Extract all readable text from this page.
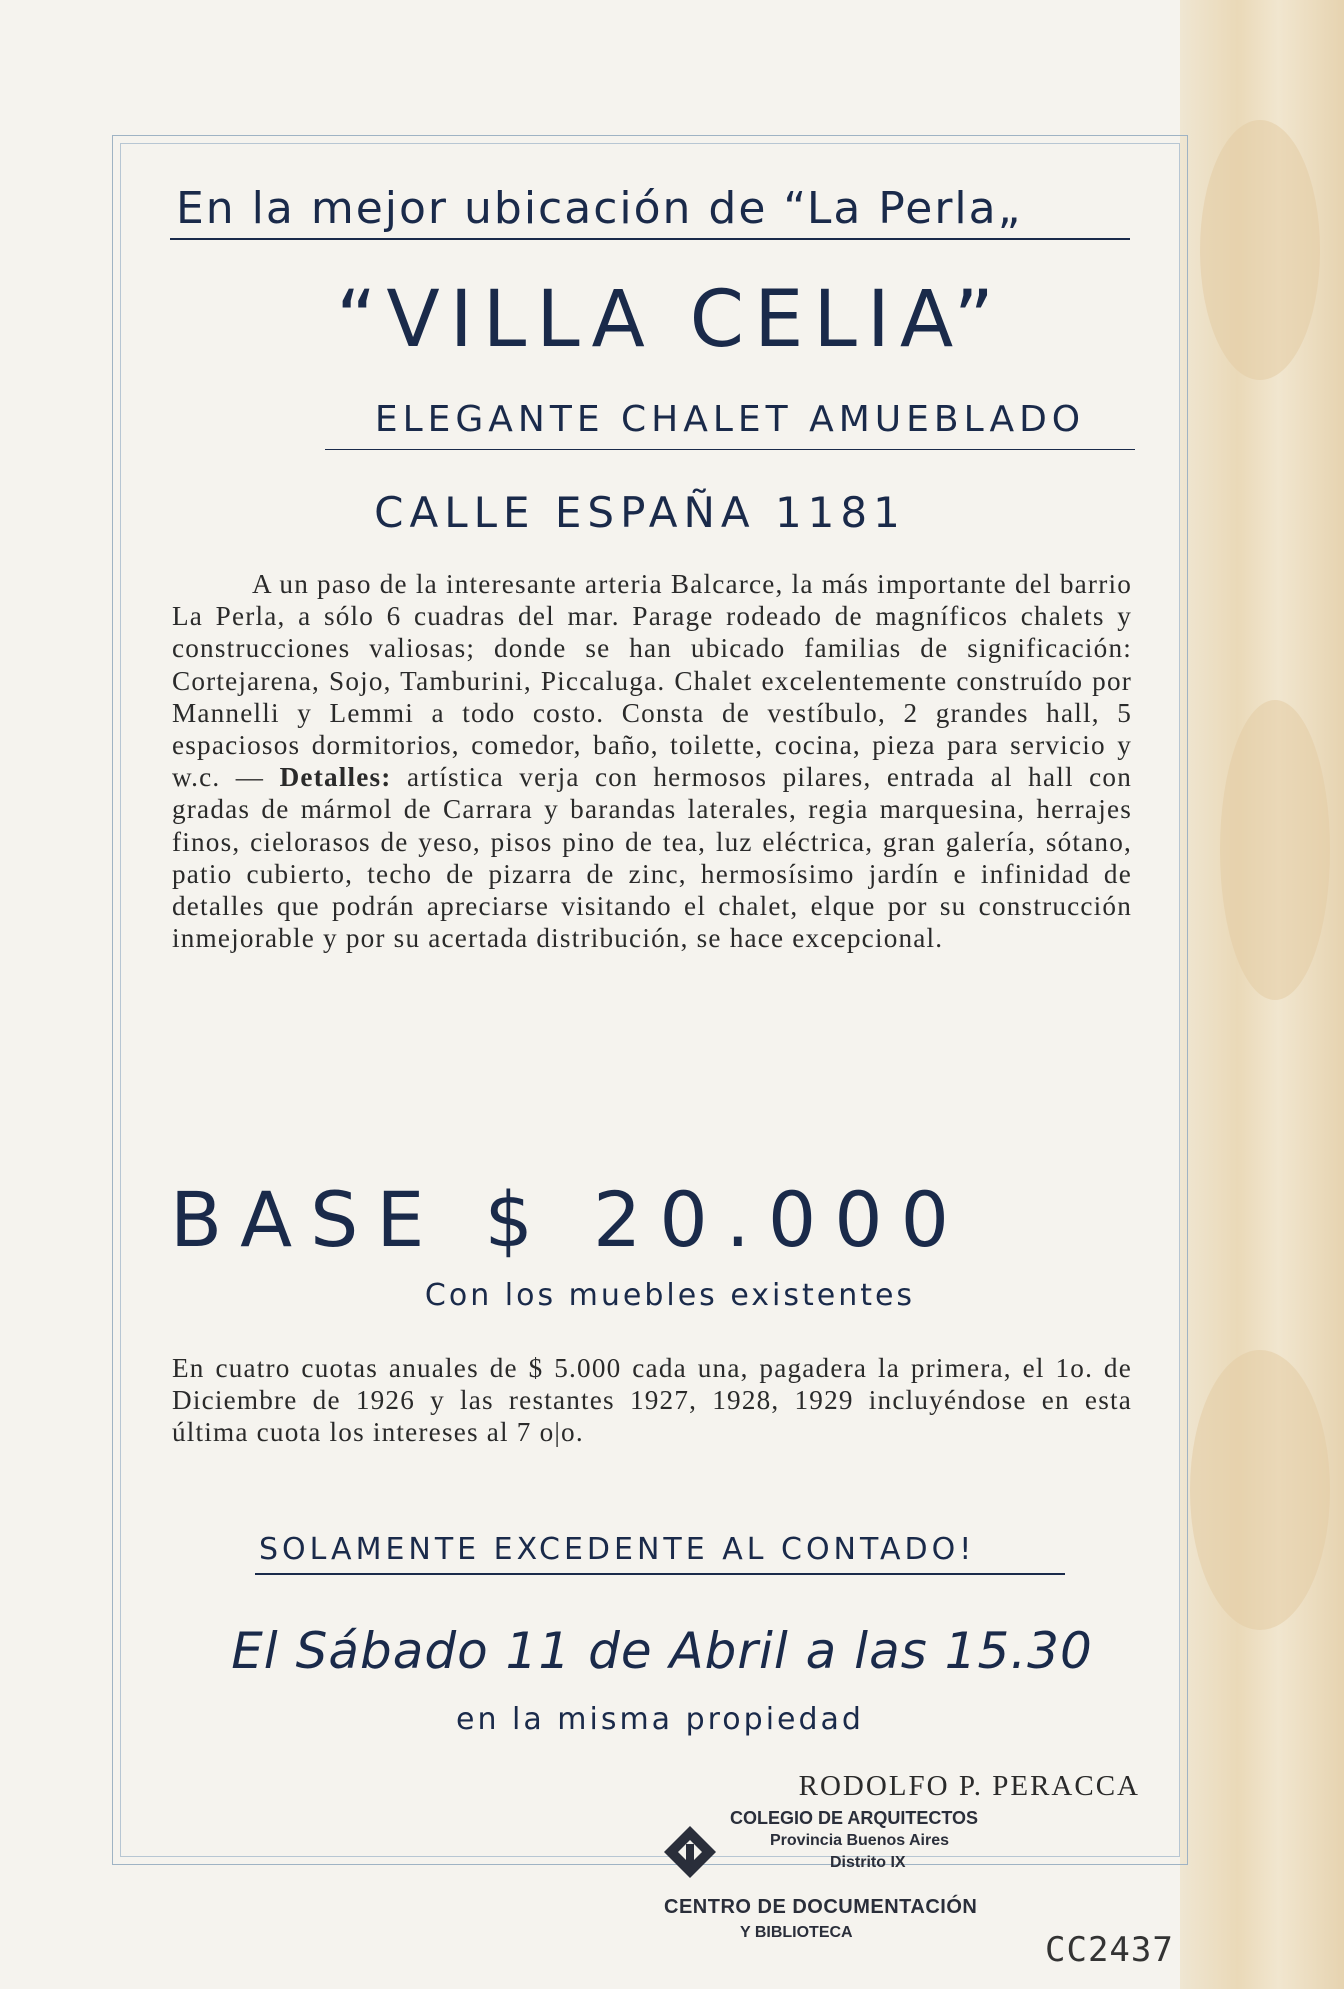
En la mejor ubicación de “La Perla„
“VILLA CELIA”
ELEGANTE CHALET AMUEBLADO
CALLE ESPAÑA 1181

A un paso de la interesante arteria Balcarce, la más importante del barrio La Perla, a sólo 6 cuadras del mar. Parage rodeado de magníficos chalets y construcciones valiosas; donde se han ubicado familias de significación: Cortejarena, Sojo, Tamburini, Piccaluga. Chalet excelentemente construído por Mannelli y Lemmi a todo costo. Consta de vestíbulo, 2 grandes hall, 5 espaciosos dormitorios, comedor, baño, toilette, cocina, pieza para servicio y w.c. — Detalles: artística verja con hermosos pilares, entrada al hall con gradas de mármol de Carrara y barandas laterales, regia marquesina, herrajes finos, cielorasos de yeso, pisos pino de tea, luz eléctrica, gran galería, sótano, patio cubierto, techo de pizarra de zinc, hermosísimo jardín e infinidad de detalles que podrán apreciarse visitando el chalet, elque por su construcción inmejorable y por su acertada distribución, se hace excepcional.

BASE $ 20.000
Con los muebles existentes

En cuatro cuotas anuales de $ 5.000 cada una, pagadera la primera, el 1o. de Diciembre de 1926 y las restantes 1927, 1928, 1929 incluyéndose en esta última cuota los intereses al 7 o|o.

SOLAMENTE EXCEDENTE AL CONTADO!
El Sábado 11 de Abril a las 15.30
en la misma propiedad
RODOLFO P. PERACCA
COLEGIO DE ARQUITECTOS
Provincia Buenos Aires
Distrito IX
CENTRO DE DOCUMENTACIÓN
Y BIBLIOTECA	CC2437
